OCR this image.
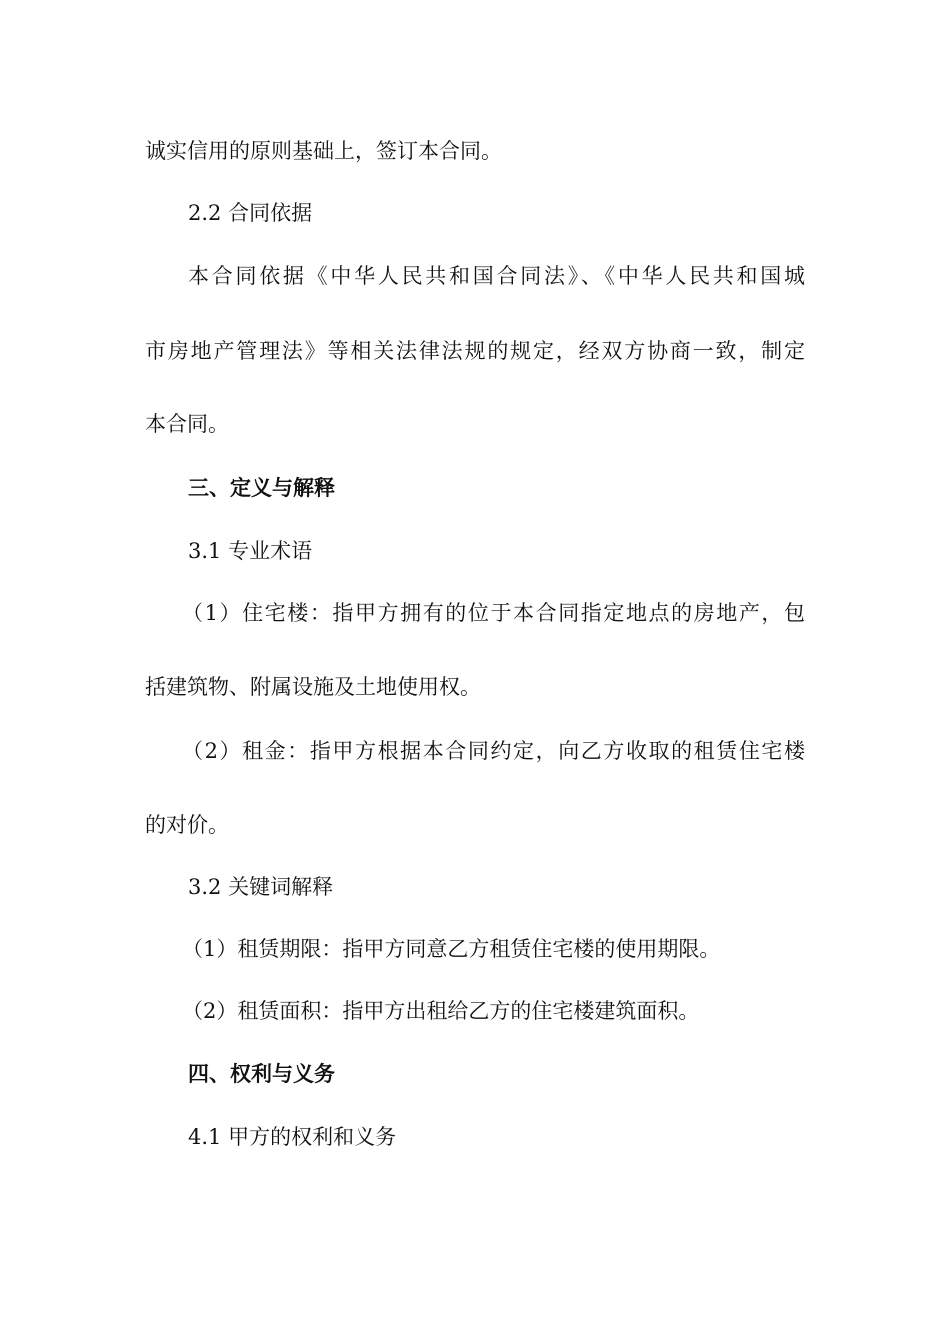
诚实信用的原则基础上，签订本合同。
2.2 合同依据
本合同依据《中华人民共和国合同法》、《中华人民共和国城
市房地产管理法》等相关法律法规的规定，经双方协商一致，制定
本合同。
三、定义与解释
3.1 专业术语
（1）住宅楼：指甲方拥有的位于本合同指定地点的房地产，包
括建筑物、附属设施及土地使用权。
（2）租金：指甲方根据本合同约定，向乙方收取的租赁住宅楼
的对价。
3.2 关键词解释
（1）租赁期限：指甲方同意乙方租赁住宅楼的使用期限。
（2）租赁面积：指甲方出租给乙方的住宅楼建筑面积。
四、权利与义务
4.1 甲方的权利和义务
